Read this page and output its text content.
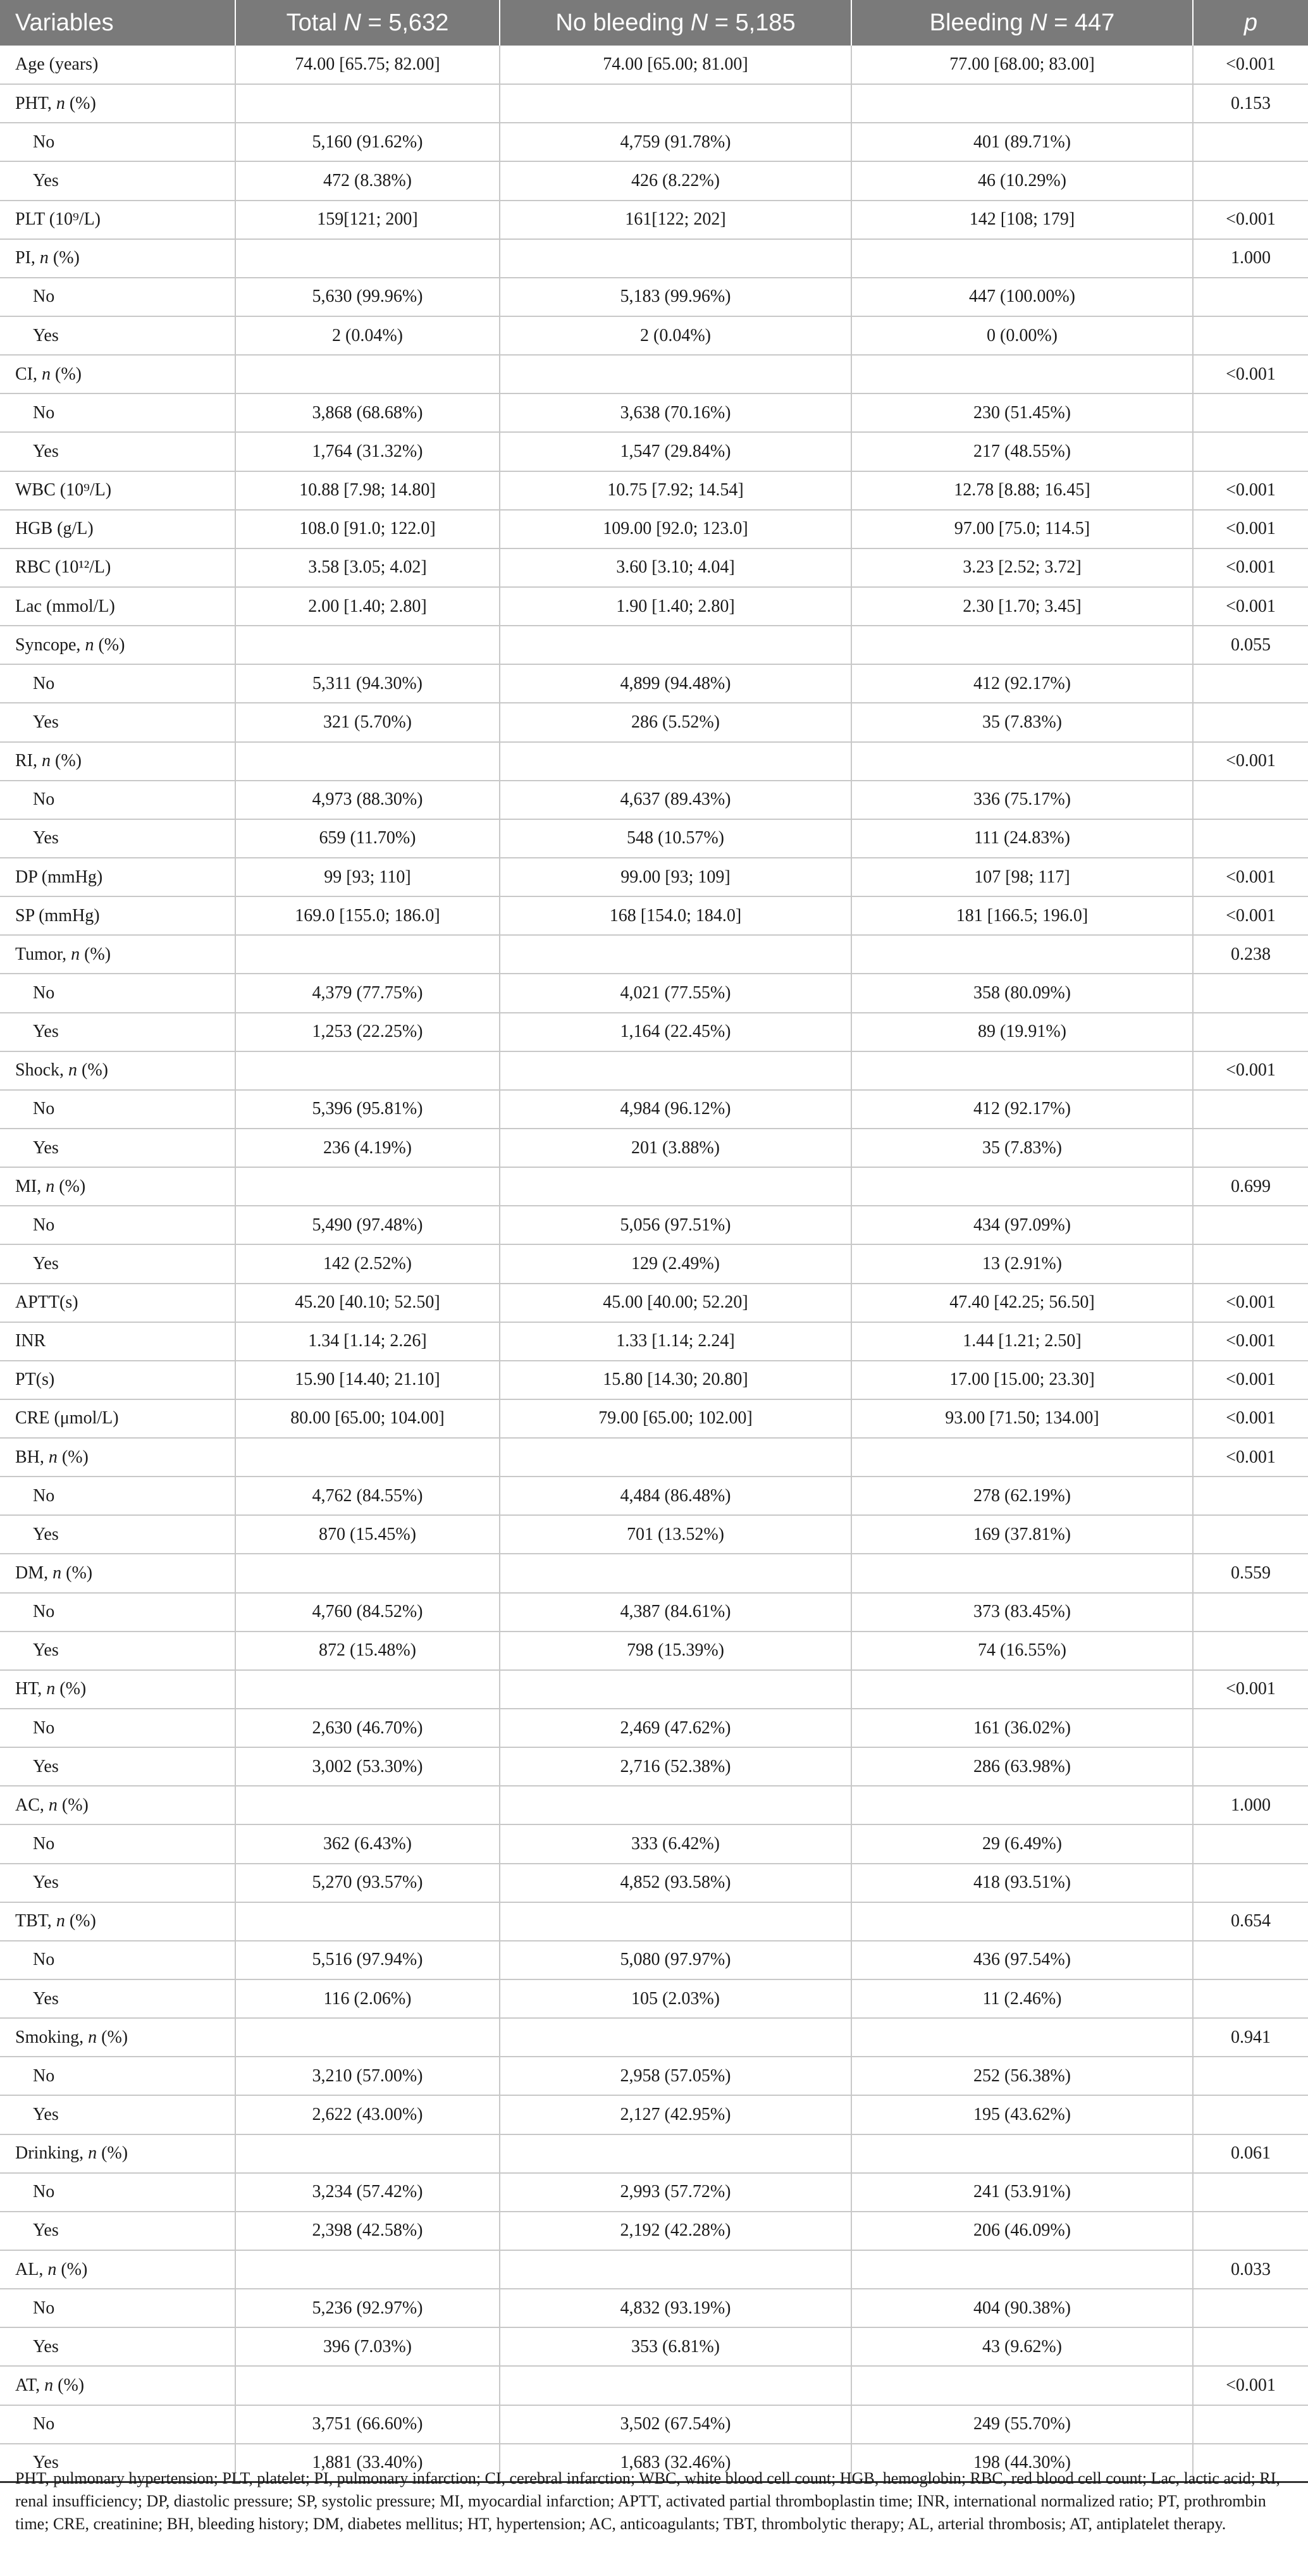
Variables	Total N = 5,632	No bleeding N = 5,185	Bleeding N = 447	p
Age (years)	74.00 [65.75; 82.00]	74.00 [65.00; 81.00]	77.00 [68.00; 83.00]	<0.001
PHT, n (%)				0.153
No	5,160 (91.62%)	4,759 (91.78%)	401 (89.71%)	
Yes	472 (8.38%)	426 (8.22%)	46 (10.29%)	
PLT (10⁹/L)	159[121; 200]	161[122; 202]	142 [108; 179]	<0.001
PI, n (%)				1.000
No	5,630 (99.96%)	5,183 (99.96%)	447 (100.00%)	
Yes	2 (0.04%)	2 (0.04%)	0 (0.00%)	
CI, n (%)				<0.001
No	3,868 (68.68%)	3,638 (70.16%)	230 (51.45%)	
Yes	1,764 (31.32%)	1,547 (29.84%)	217 (48.55%)	
WBC (10⁹/L)	10.88 [7.98; 14.80]	10.75 [7.92; 14.54]	12.78 [8.88; 16.45]	<0.001
HGB (g/L)	108.0 [91.0; 122.0]	109.00 [92.0; 123.0]	97.00 [75.0; 114.5]	<0.001
RBC (10¹²/L)	3.58 [3.05; 4.02]	3.60 [3.10; 4.04]	3.23 [2.52; 3.72]	<0.001
Lac (mmol/L)	2.00 [1.40; 2.80]	1.90 [1.40; 2.80]	2.30 [1.70; 3.45]	<0.001
Syncope, n (%)				0.055
No	5,311 (94.30%)	4,899 (94.48%)	412 (92.17%)	
Yes	321 (5.70%)	286 (5.52%)	35 (7.83%)	
RI, n (%)				<0.001
No	4,973 (88.30%)	4,637 (89.43%)	336 (75.17%)	
Yes	659 (11.70%)	548 (10.57%)	111 (24.83%)	
DP (mmHg)	99 [93; 110]	99.00 [93; 109]	107 [98; 117]	<0.001
SP (mmHg)	169.0 [155.0; 186.0]	168 [154.0; 184.0]	181 [166.5; 196.0]	<0.001
Tumor, n (%)				0.238
No	4,379 (77.75%)	4,021 (77.55%)	358 (80.09%)	
Yes	1,253 (22.25%)	1,164 (22.45%)	89 (19.91%)	
Shock, n (%)				<0.001
No	5,396 (95.81%)	4,984 (96.12%)	412 (92.17%)	
Yes	236 (4.19%)	201 (3.88%)	35 (7.83%)	
MI, n (%)				0.699
No	5,490 (97.48%)	5,056 (97.51%)	434 (97.09%)	
Yes	142 (2.52%)	129 (2.49%)	13 (2.91%)	
APTT(s)	45.20 [40.10; 52.50]	45.00 [40.00; 52.20]	47.40 [42.25; 56.50]	<0.001
INR	1.34 [1.14; 2.26]	1.33 [1.14; 2.24]	1.44 [1.21; 2.50]	<0.001
PT(s)	15.90 [14.40; 21.10]	15.80 [14.30; 20.80]	17.00 [15.00; 23.30]	<0.001
CRE (μmol/L)	80.00 [65.00; 104.00]	79.00 [65.00; 102.00]	93.00 [71.50; 134.00]	<0.001
BH, n (%)				<0.001
No	4,762 (84.55%)	4,484 (86.48%)	278 (62.19%)	
Yes	870 (15.45%)	701 (13.52%)	169 (37.81%)	
DM, n (%)				0.559
No	4,760 (84.52%)	4,387 (84.61%)	373 (83.45%)	
Yes	872 (15.48%)	798 (15.39%)	74 (16.55%)	
HT, n (%)				<0.001
No	2,630 (46.70%)	2,469 (47.62%)	161 (36.02%)	
Yes	3,002 (53.30%)	2,716 (52.38%)	286 (63.98%)	
AC, n (%)				1.000
No	362 (6.43%)	333 (6.42%)	29 (6.49%)	
Yes	5,270 (93.57%)	4,852 (93.58%)	418 (93.51%)	
TBT, n (%)				0.654
No	5,516 (97.94%)	5,080 (97.97%)	436 (97.54%)	
Yes	116 (2.06%)	105 (2.03%)	11 (2.46%)	
Smoking, n (%)				0.941
No	3,210 (57.00%)	2,958 (57.05%)	252 (56.38%)	
Yes	2,622 (43.00%)	2,127 (42.95%)	195 (43.62%)	
Drinking, n (%)				0.061
No	3,234 (57.42%)	2,993 (57.72%)	241 (53.91%)	
Yes	2,398 (42.58%)	2,192 (42.28%)	206 (46.09%)	
AL, n (%)				0.033
No	5,236 (92.97%)	4,832 (93.19%)	404 (90.38%)	
Yes	396 (7.03%)	353 (6.81%)	43 (9.62%)	
AT, n (%)				<0.001
No	3,751 (66.60%)	3,502 (67.54%)	249 (55.70%)	
Yes	1,881 (33.40%)	1,683 (32.46%)	198 (44.30%)	
PHT, pulmonary hypertension; PLT, platelet; PI, pulmonary infarction; CI, cerebral infarction; WBC, white blood cell count; HGB, hemoglobin; RBC, red blood cell count; Lac, lactic acid; RI, renal insufficiency; DP, diastolic pressure; SP, systolic pressure; MI, myocardial infarction; APTT, activated partial thromboplastin time; INR, international normalized ratio; PT, prothrombin time; CRE, creatinine; BH, bleeding history; DM, diabetes mellitus; HT, hypertension; AC, anticoagulants; TBT, thrombolytic therapy; AL, arterial thrombosis; AT, antiplatelet therapy.
